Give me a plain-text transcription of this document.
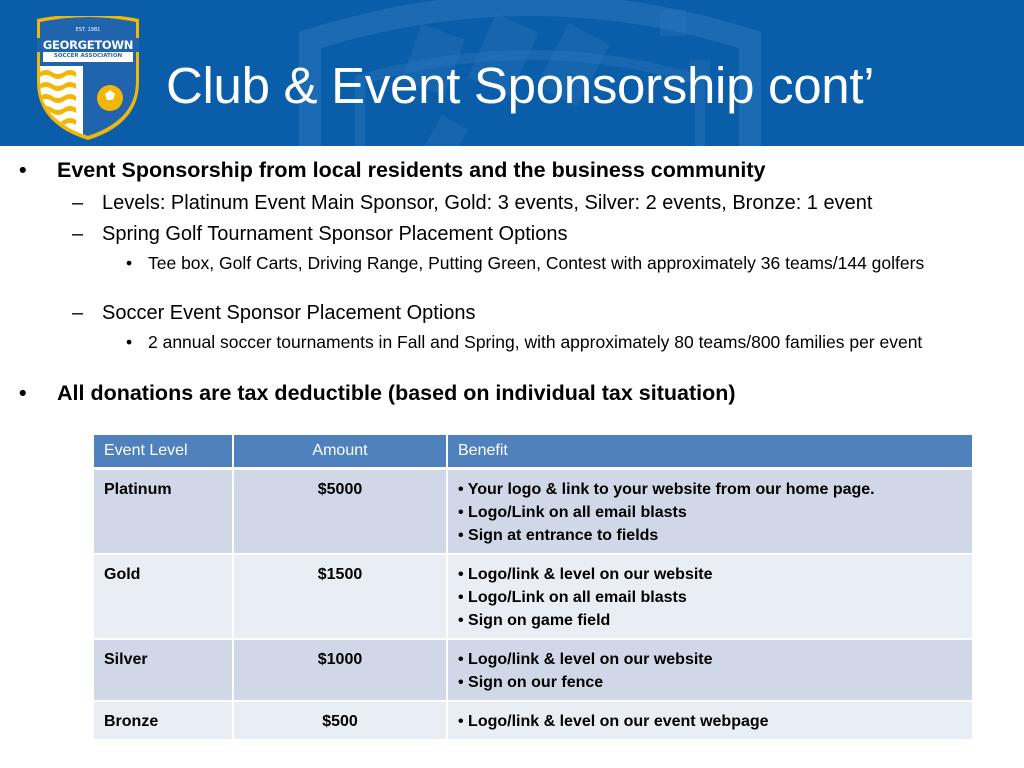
EST. 1981
GEORGETOWN
SOCCER ASSOCIATION
Club & Event Sponsorship cont’
• Event Sponsorship from local residents and the business community
– Levels: Platinum Event Main Sponsor, Gold: 3 events, Silver: 2 events, Bronze: 1 event
– Spring Golf Tournament Sponsor Placement Options
• Tee box, Golf Carts, Driving Range, Putting Green, Contest with approximately 36 teams/144 golfers
– Soccer Event Sponsor Placement Options
• 2 annual soccer tournaments in Fall and Spring, with approximately 80 teams/800 families per event
• All donations are tax deductible (based on individual tax situation)
Event Level	Amount	Benefit
Platinum	$5000	• Your logo & link to your website from our home page.
• Logo/Link on all email blasts
• Sign at entrance to fields

Gold	$1500	• Logo/link & level on our website
• Logo/Link on all email blasts
• Sign on game field

Silver	$1000	• Logo/link & level on our website
• Sign on our fence

Bronze	$500	• Logo/link & level on our event webpage
